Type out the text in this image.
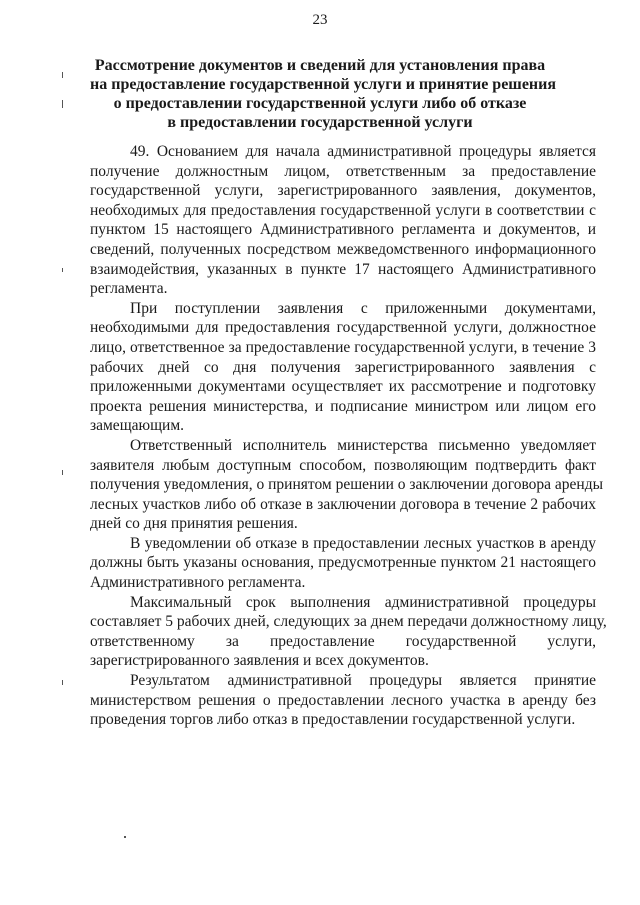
23
Рассмотрение документов и сведений для установления права
на предоставление государственной услуги и принятие решения
о предоставлении государственной услуги либо об отказе
в предоставлении государственной услуги
49. Основанием для начала административной процедуры является
получение должностным лицом, ответственным за предоставление
государственной услуги, зарегистрированного заявления, документов,
необходимых для предоставления государственной услуги в соответствии с
пунктом 15 настоящего Административного регламента и документов, и
сведений, полученных посредством межведомственного информационного
взаимодействия, указанных в пункте 17 настоящего Административного
регламента.
При поступлении заявления с приложенными документами,
необходимыми для предоставления государственной услуги, должностное
лицо, ответственное за предоставление государственной услуги, в течение 3
рабочих дней со дня получения зарегистрированного заявления с
приложенными документами осуществляет их рассмотрение и подготовку
проекта решения министерства, и подписание министром или лицом его
замещающим.
Ответственный исполнитель министерства письменно уведомляет
заявителя любым доступным способом, позволяющим подтвердить факт
получения уведомления, о принятом решении о заключении договора аренды
лесных участков либо об отказе в заключении договора в течение 2 рабочих
дней со дня принятия решения.
В уведомлении об отказе в предоставлении лесных участков в аренду
должны быть указаны основания, предусмотренные пунктом 21 настоящего
Административного регламента.
Максимальный срок выполнения административной процедуры
составляет 5 рабочих дней, следующих за днем передачи должностному лицу,
ответственному за предоставление государственной услуги,
зарегистрированного заявления и всех документов.
Результатом административной процедуры является принятие
министерством решения о предоставлении лесного участка в аренду без
проведения торгов либо отказ в предоставлении государственной услуги.
